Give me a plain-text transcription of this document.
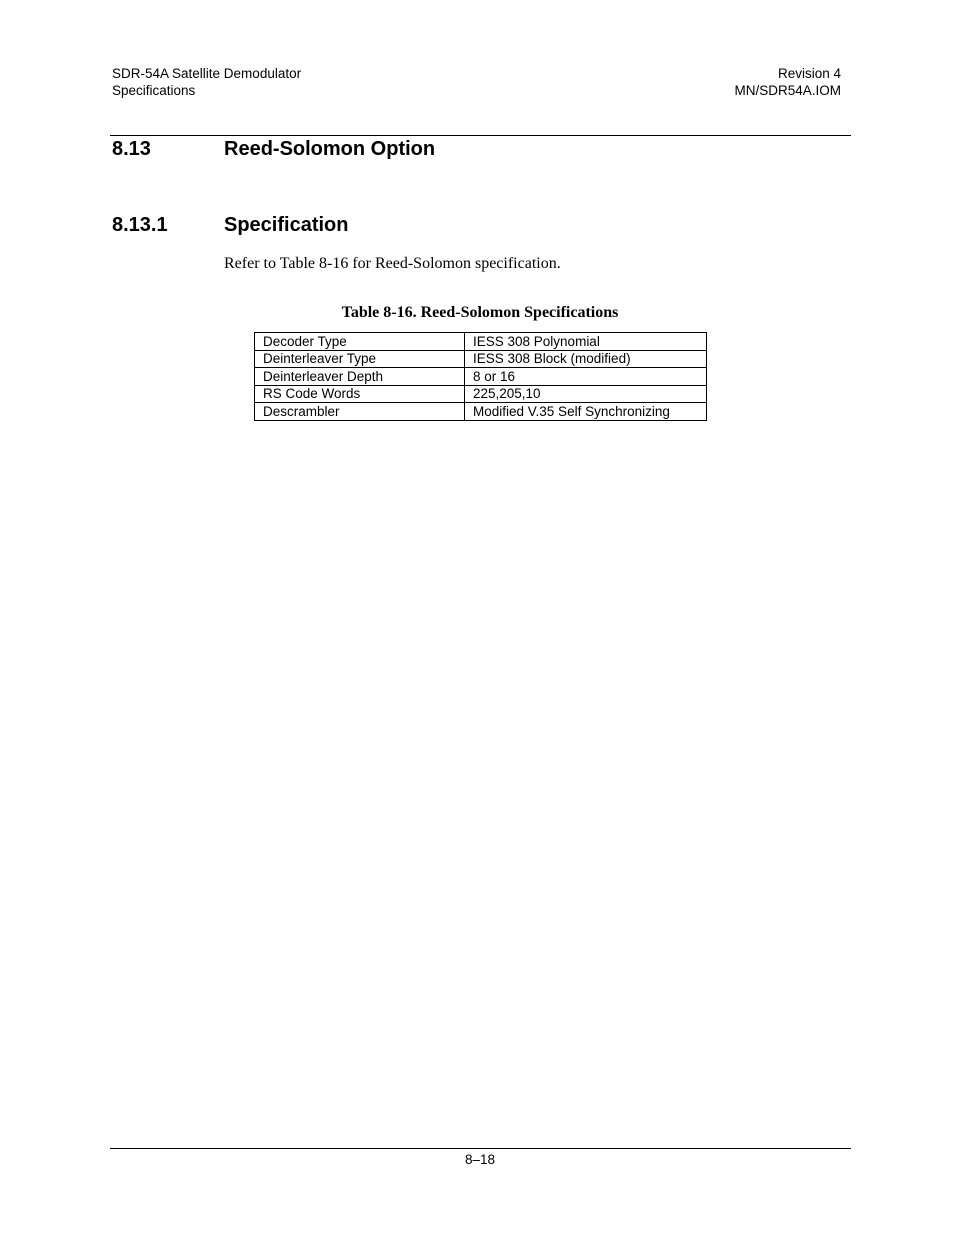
SDR-54A Satellite Demodulator
Specifications
Revision 4
MN/SDR54A.IOM
8.13	Reed-Solomon Option
8.13.1	Specification
Refer to Table 8-16 for Reed-Solomon specification.
Table 8-16. Reed-Solomon Specifications
Decoder Type	IESS 308 Polynomial
Deinterleaver Type	IESS 308 Block (modified)
Deinterleaver Depth	8 or 16
RS Code Words	225,205,10
Descrambler	Modified V.35 Self Synchronizing
8–18
